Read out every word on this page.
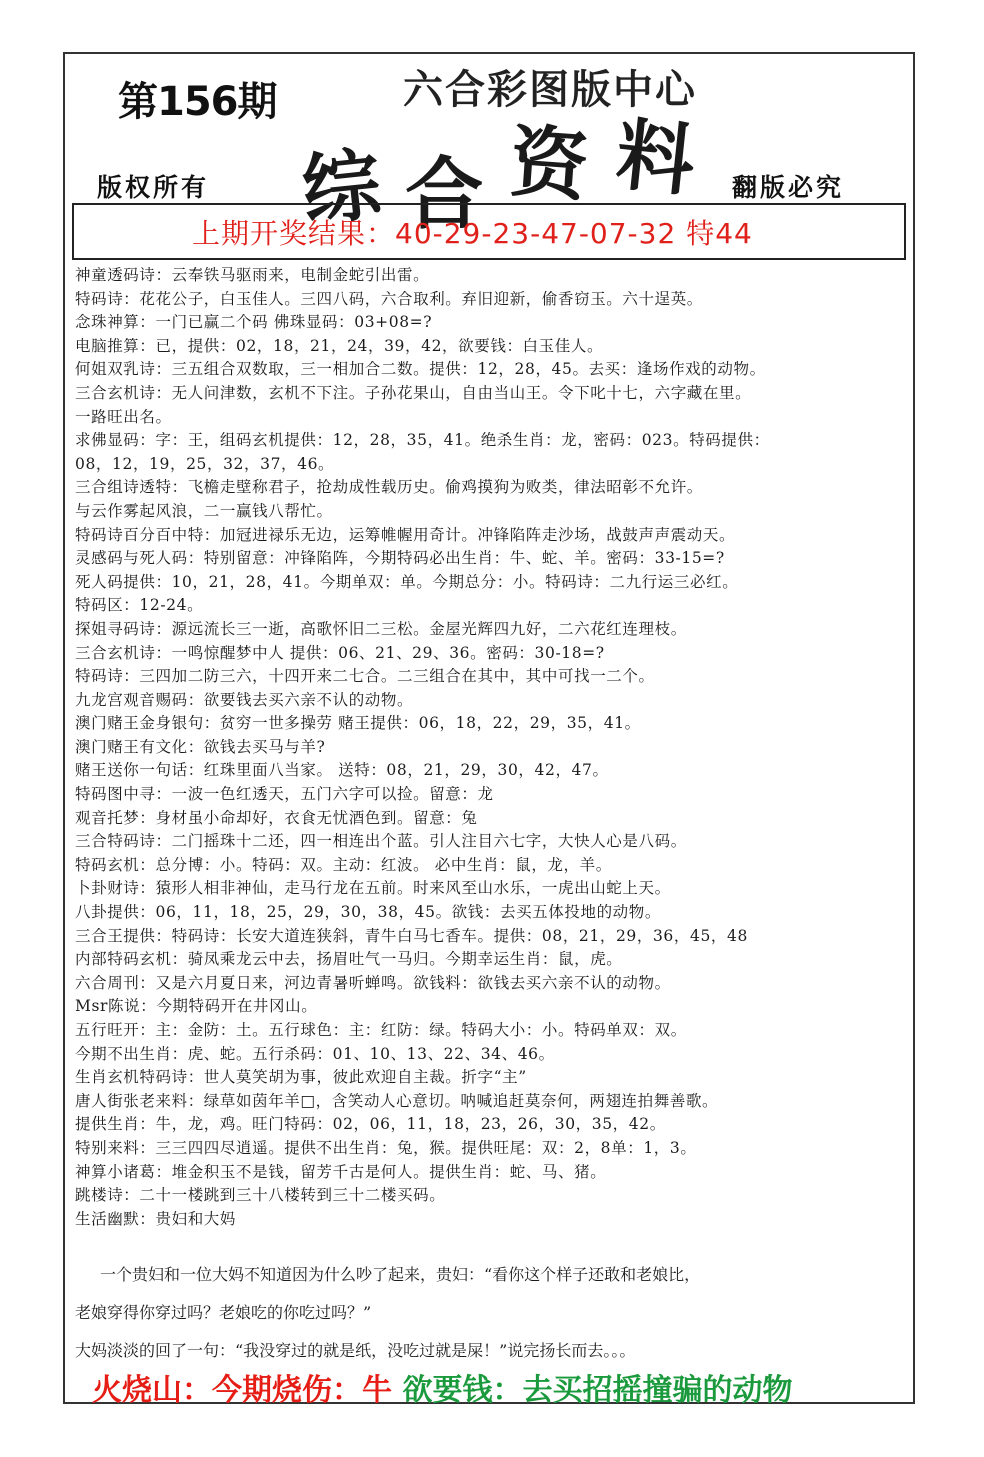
第156期	六合彩图版中心
综 合 资 料
版权所有	翻版必究
上期开奖结果：40-29-23-47-07-32 特44
神童透码诗：云奉铁马驱雨来，电制金蛇引出雷。
特码诗：花花公子，白玉佳人。三四八码，六合取利。弃旧迎新，偷香窃玉。六十逞英。
念珠神算：一门已赢二个码 佛珠显码：03+08=?
电脑推算：已，提供：02，18，21，24，39，42，欲要钱：白玉佳人。
何姐双乳诗：三五组合双数取，三一相加合二数。提供：12，28，45。去买：逢场作戏的动物。
三合玄机诗：无人问津数，玄机不下注。子孙花果山，自由当山王。令下叱十七，六字藏在里。
一路旺出名。
求佛显码：字：王，组码玄机提供：12，28，35，41。绝杀生肖：龙，密码：023。特码提供：
08，12，19，25，32，37，46。
三合组诗透特：飞檐走壁称君子，抢劫成性载历史。偷鸡摸狗为败类，律法昭彰不允许。
与云作雾起风浪，二一赢钱八帮忙。
特码诗百分百中特：加冠进禄乐无边，运筹帷幄用奇计。冲锋陷阵走沙场，战鼓声声震动天。
灵感码与死人码：特别留意：冲锋陷阵，今期特码必出生肖：牛、蛇、羊。密码：33-15=?
死人码提供：10，21，28，41。今期单双：单。今期总分：小。特码诗：二九行运三必红。
特码区：12-24。
探姐寻码诗：源远流长三一逝，高歌怀旧二三松。金屋光辉四九好，二六花红连理枝。
三合玄机诗：一鸣惊醒梦中人 提供：06、21、29、36。密码：30-18=?
特码诗：三四加二防三六，十四开来二七合。二三组合在其中，其中可找一二个。
九龙宫观音赐码：欲要钱去买六亲不认的动物。
澳门赌王金身银句：贫穷一世多操劳 赌王提供：06，18，22，29，35，41。
澳门赌王有文化：欲钱去买马与羊?
赌王送你一句话：红珠里面八当家。 送特：08，21，29，30，42，47。
特码图中寻：一波一色红透天，五门六字可以捡。留意：龙
观音托梦：身材虽小命却好，衣食无忧酒色到。留意：兔
三合特码诗：二门摇珠十二还，四一相连出个蓝。引人注目六七字，大快人心是八码。
特码玄机：总分博：小。特码：双。主动：红波。 必中生肖：鼠，龙，羊。
卜卦财诗：猿形人相非神仙，走马行龙在五前。时来风至山水乐，一虎出山蛇上天。
八卦提供：06，11，18，25，29，30，38，45。欲钱：去买五体投地的动物。
三合王提供：特码诗：长安大道连狭斜，青牛白马七香车。提供：08，21，29，36，45，48
内部特码玄机：骑凤乘龙云中去，扬眉吐气一马归。今期幸运生肖：鼠，虎。
六合周刊：又是六月夏日来，河边青暑听蝉鸣。欲钱料：欲钱去买六亲不认的动物。
Msr陈说：今期特码开在井冈山。
五行旺开：主：金防：土。五行球色：主：红防：绿。特码大小：小。特码单双：双。
今期不出生肖：虎、蛇。五行杀码：01、10、13、22、34、46。
生肖玄机特码诗：世人莫笑胡为事，彼此欢迎自主裁。折字“主”
唐人街张老来料：绿草如茵年羊□，含笑动人心意切。呐喊追赶莫奈何，两翅连拍舞善歌。
提供生肖：牛，龙，鸡。旺门特码：02，06，11，18，23，26，30，35，42。
特别来料：三三四四尽逍遥。提供不出生肖：兔，猴。提供旺尾：双：2，8单：1，3。
神算小诸葛：堆金积玉不是钱，留芳千古是何人。提供生肖：蛇、马、猪。
跳楼诗：二十一楼跳到三十八楼转到三十二楼买码。
生活幽默：贵妇和大妈
一个贵妇和一位大妈不知道因为什么吵了起来，贵妇：“看你这个样子还敢和老娘比，
老娘穿得你穿过吗？老娘吃的你吃过吗？”
大妈淡淡的回了一句：“我没穿过的就是纸，没吃过就是屎！”说完扬长而去。。。
火烧山：今期烧伤：牛 欲要钱：去买招摇撞骗的动物
